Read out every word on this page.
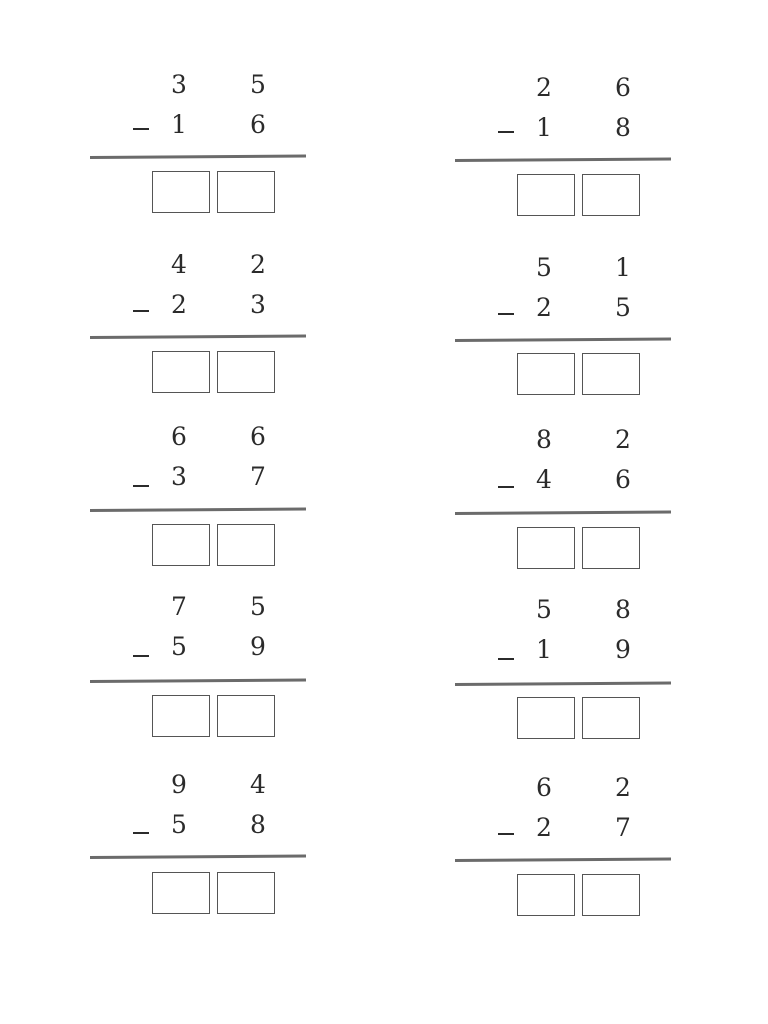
3	5
1	6
4	2
2	3
6	6
3	7
7	5
5	9
9	4
5	8
2	6
1	8
5	1
2	5
8	2
4	6
5	8
1	9
6	2
2	7
